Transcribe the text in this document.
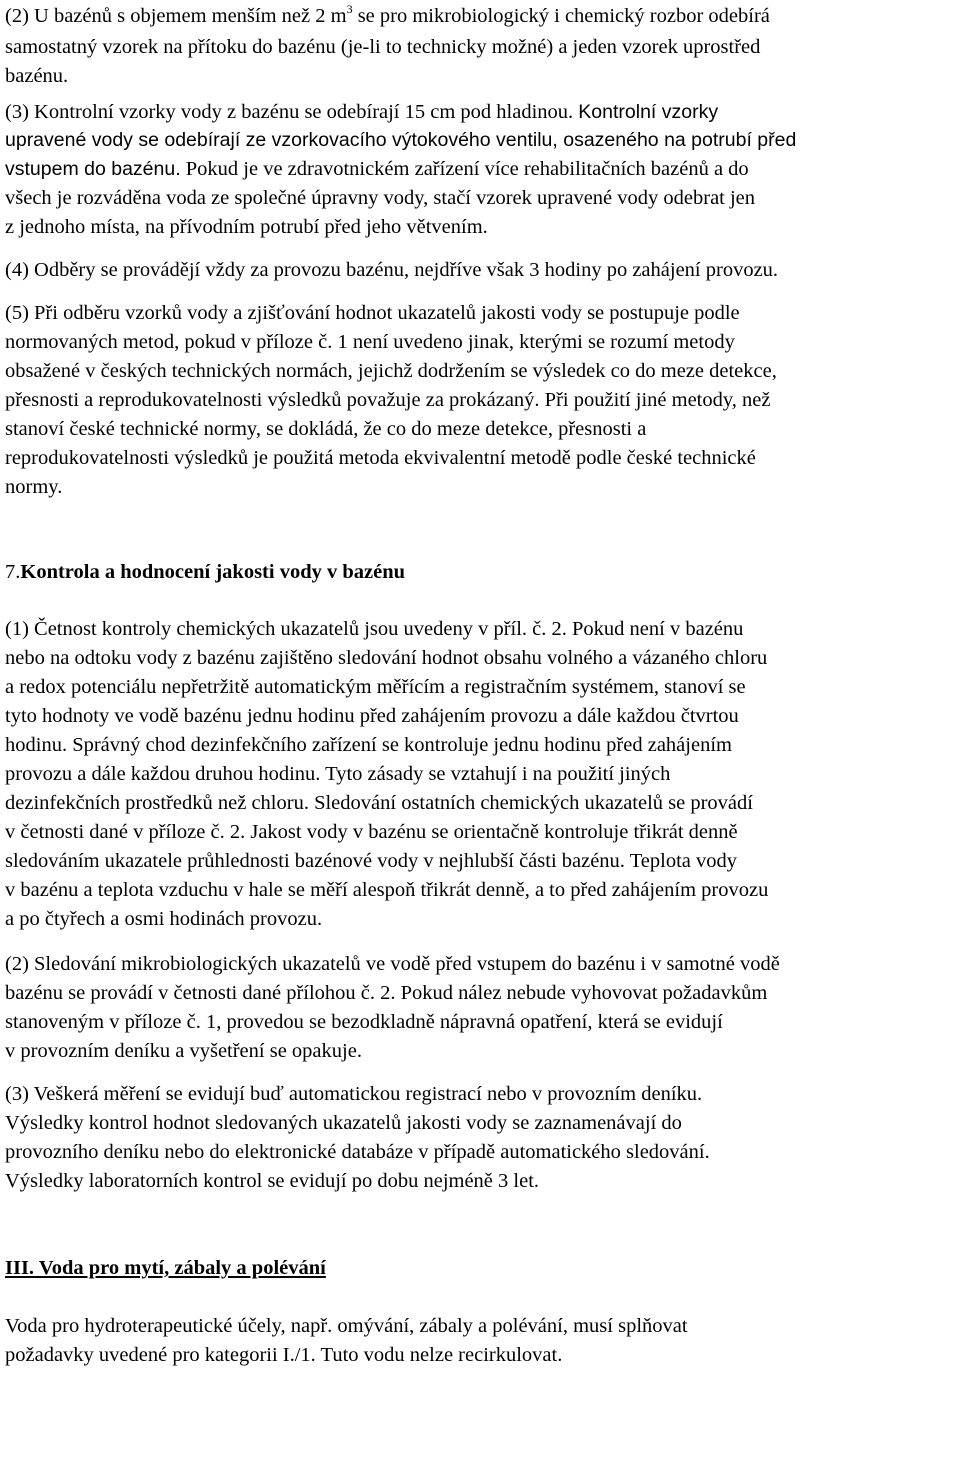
(2) U bazénů s objemem menším než 2 $m^3$ se pro mikrobiologický i chemický rozbor odebírá
samostatný vzorek na přítoku do bazénu (je-li to technicky možné) a jeden vzorek uprostřed
bazénu.
(3) Kontrolní vzorky vody z bazénu se odebírají 15 cm pod hladinou. Kontrolní vzorky
upravené vody se odebírají ze vzorkovacího výtokového ventilu, osazeného na potrubí před
vstupem do bazénu. Pokud je ve zdravotnickém zařízení více rehabilitačních bazénů a do
všech je rozváděna voda ze společné úpravny vody, stačí vzorek upravené vody odebrat jen
z jednoho místa, na přívodním potrubí před jeho větvením.
(4) Odběry se provádějí vždy za provozu bazénu, nejdříve však 3 hodiny po zahájení provozu.
(5) Při odběru vzorků vody a zjišťování hodnot ukazatelů jakosti vody se postupuje podle
normovaných metod, pokud v příloze č. 1 není uvedeno jinak, kterými se rozumí metody
obsažené v českých technických normách, jejichž dodržením se výsledek co do meze detekce,
přesnosti a reprodukovatelnosti výsledků považuje za prokázaný. Při použití jiné metody, než
stanoví české technické normy, se dokládá, že co do meze detekce, přesnosti a
reprodukovatelnosti výsledků je použitá metoda ekvivalentní metodě podle české technické
normy.
7.Kontrola a hodnocení jakosti vody v bazénu
(1) Četnost kontroly chemických ukazatelů jsou uvedeny v příl. č. 2. Pokud není v bazénu
nebo na odtoku vody z bazénu zajištěno sledování hodnot obsahu volného a vázaného chloru
a redox potenciálu nepřetržitě automatickým měřícím a registračním systémem, stanoví se
tyto hodnoty ve vodě bazénu jednu hodinu před zahájením provozu a dále každou čtvrtou
hodinu. Správný chod dezinfekčního zařízení se kontroluje jednu hodinu před zahájením
provozu a dále každou druhou hodinu. Tyto zásady se vztahují i na použití jiných
dezinfekčních prostředků než chloru. Sledování ostatních chemických ukazatelů se provádí
v četnosti dané v příloze č. 2. Jakost vody v bazénu se orientačně kontroluje třikrát denně
sledováním ukazatele průhlednosti bazénové vody v nejhlubší části bazénu. Teplota vody
v bazénu a teplota vzduchu v hale se měří alespoň třikrát denně, a to před zahájením provozu
a po čtyřech a osmi hodinách provozu.
(2) Sledování mikrobiologických ukazatelů ve vodě před vstupem do bazénu i v samotné vodě
bazénu se provádí v četnosti dané přílohou č. 2. Pokud nález nebude vyhovovat požadavkům
stanoveným v příloze č. 1, provedou se bezodkladně nápravná opatření, která se evidují
v provozním deníku a vyšetření se opakuje.
(3) Veškerá měření se evidují buď automatickou registrací nebo v provozním deníku.
Výsledky kontrol hodnot sledovaných ukazatelů jakosti vody se zaznamenávají do
provozního deníku nebo do elektronické databáze v případě automatického sledování.
Výsledky laboratorních kontrol se evidují po dobu nejméně 3 let.
III. Voda pro mytí, zábaly a polévání
Voda pro hydroterapeutické účely, např. omývání, zábaly a polévání, musí splňovat
požadavky uvedené pro kategorii I./1. Tuto vodu nelze recirkulovat.
